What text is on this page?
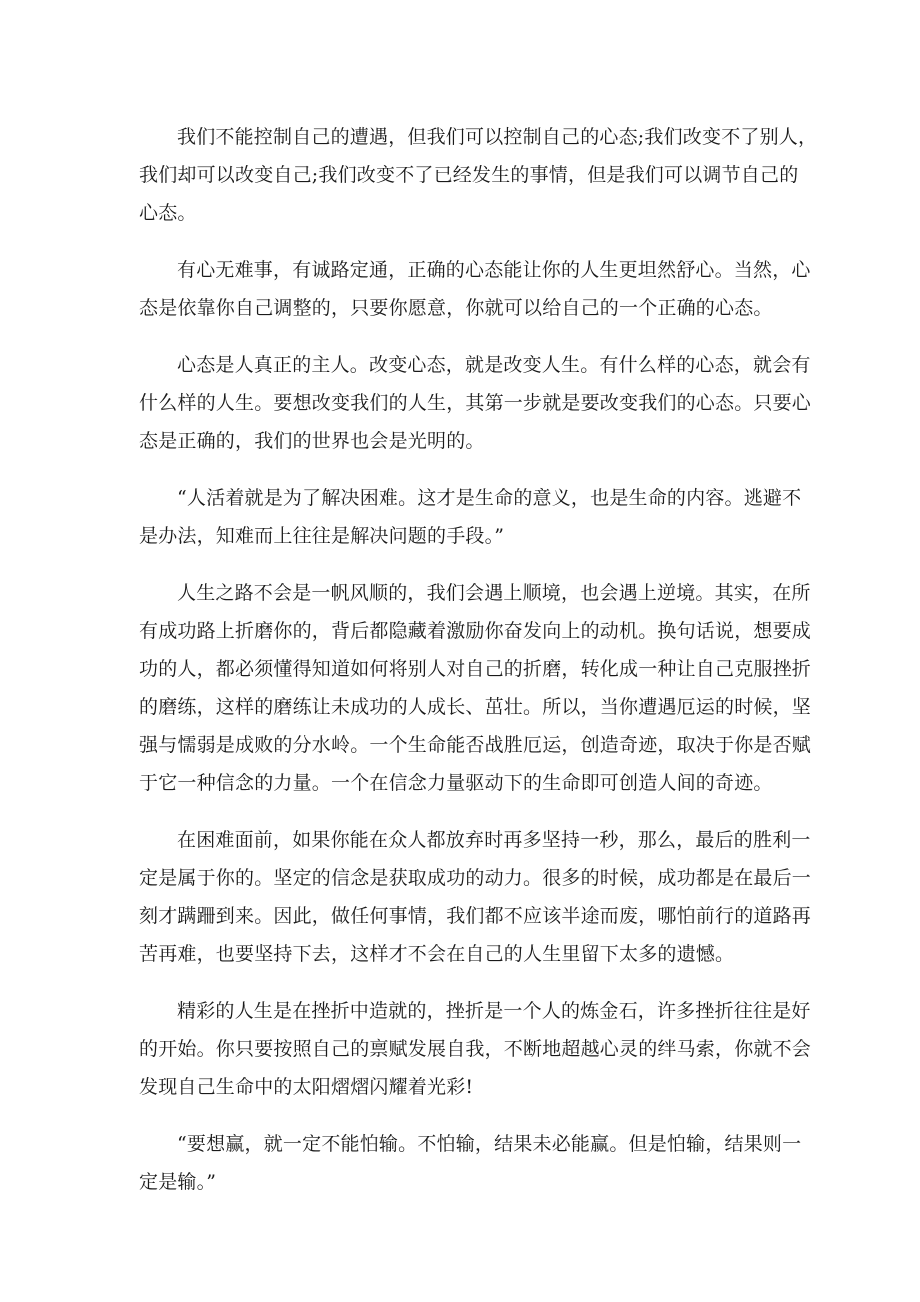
我们不能控制自己的遭遇，但我们可以控制自己的心态;我们改变不了别人，
我们却可以改变自己;我们改变不了已经发生的事情，但是我们可以调节自己的
心态。
有心无难事，有诚路定通，正确的心态能让你的人生更坦然舒心。当然，心
态是依靠你自己调整的，只要你愿意，你就可以给自己的一个正确的心态。
心态是人真正的主人。改变心态，就是改变人生。有什么样的心态，就会有
什么样的人生。要想改变我们的人生，其第一步就是要改变我们的心态。只要心
态是正确的，我们的世界也会是光明的。
“人活着就是为了解决困难。这才是生命的意义，也是生命的内容。逃避不
是办法，知难而上往往是解决问题的手段。”
人生之路不会是一帆风顺的，我们会遇上顺境，也会遇上逆境。其实，在所
有成功路上折磨你的，背后都隐藏着激励你奋发向上的动机。换句话说，想要成
功的人，都必须懂得知道如何将别人对自己的折磨，转化成一种让自己克服挫折
的磨练，这样的磨练让未成功的人成长、茁壮。所以，当你遭遇厄运的时候，坚
强与懦弱是成败的分水岭。一个生命能否战胜厄运，创造奇迹，取决于你是否赋
于它一种信念的力量。一个在信念力量驱动下的生命即可创造人间的奇迹。
在困难面前，如果你能在众人都放弃时再多坚持一秒，那么，最后的胜利一
定是属于你的。坚定的信念是获取成功的动力。很多的时候，成功都是在最后一
刻才蹒跚到来。因此，做任何事情，我们都不应该半途而废，哪怕前行的道路再
苦再难，也要坚持下去，这样才不会在自己的人生里留下太多的遗憾。
精彩的人生是在挫折中造就的，挫折是一个人的炼金石，许多挫折往往是好
的开始。你只要按照自己的禀赋发展自我，不断地超越心灵的绊马索，你就不会
发现自己生命中的太阳熠熠闪耀着光彩!
“要想赢，就一定不能怕输。不怕输，结果未必能赢。但是怕输，结果则一
定是输。”
